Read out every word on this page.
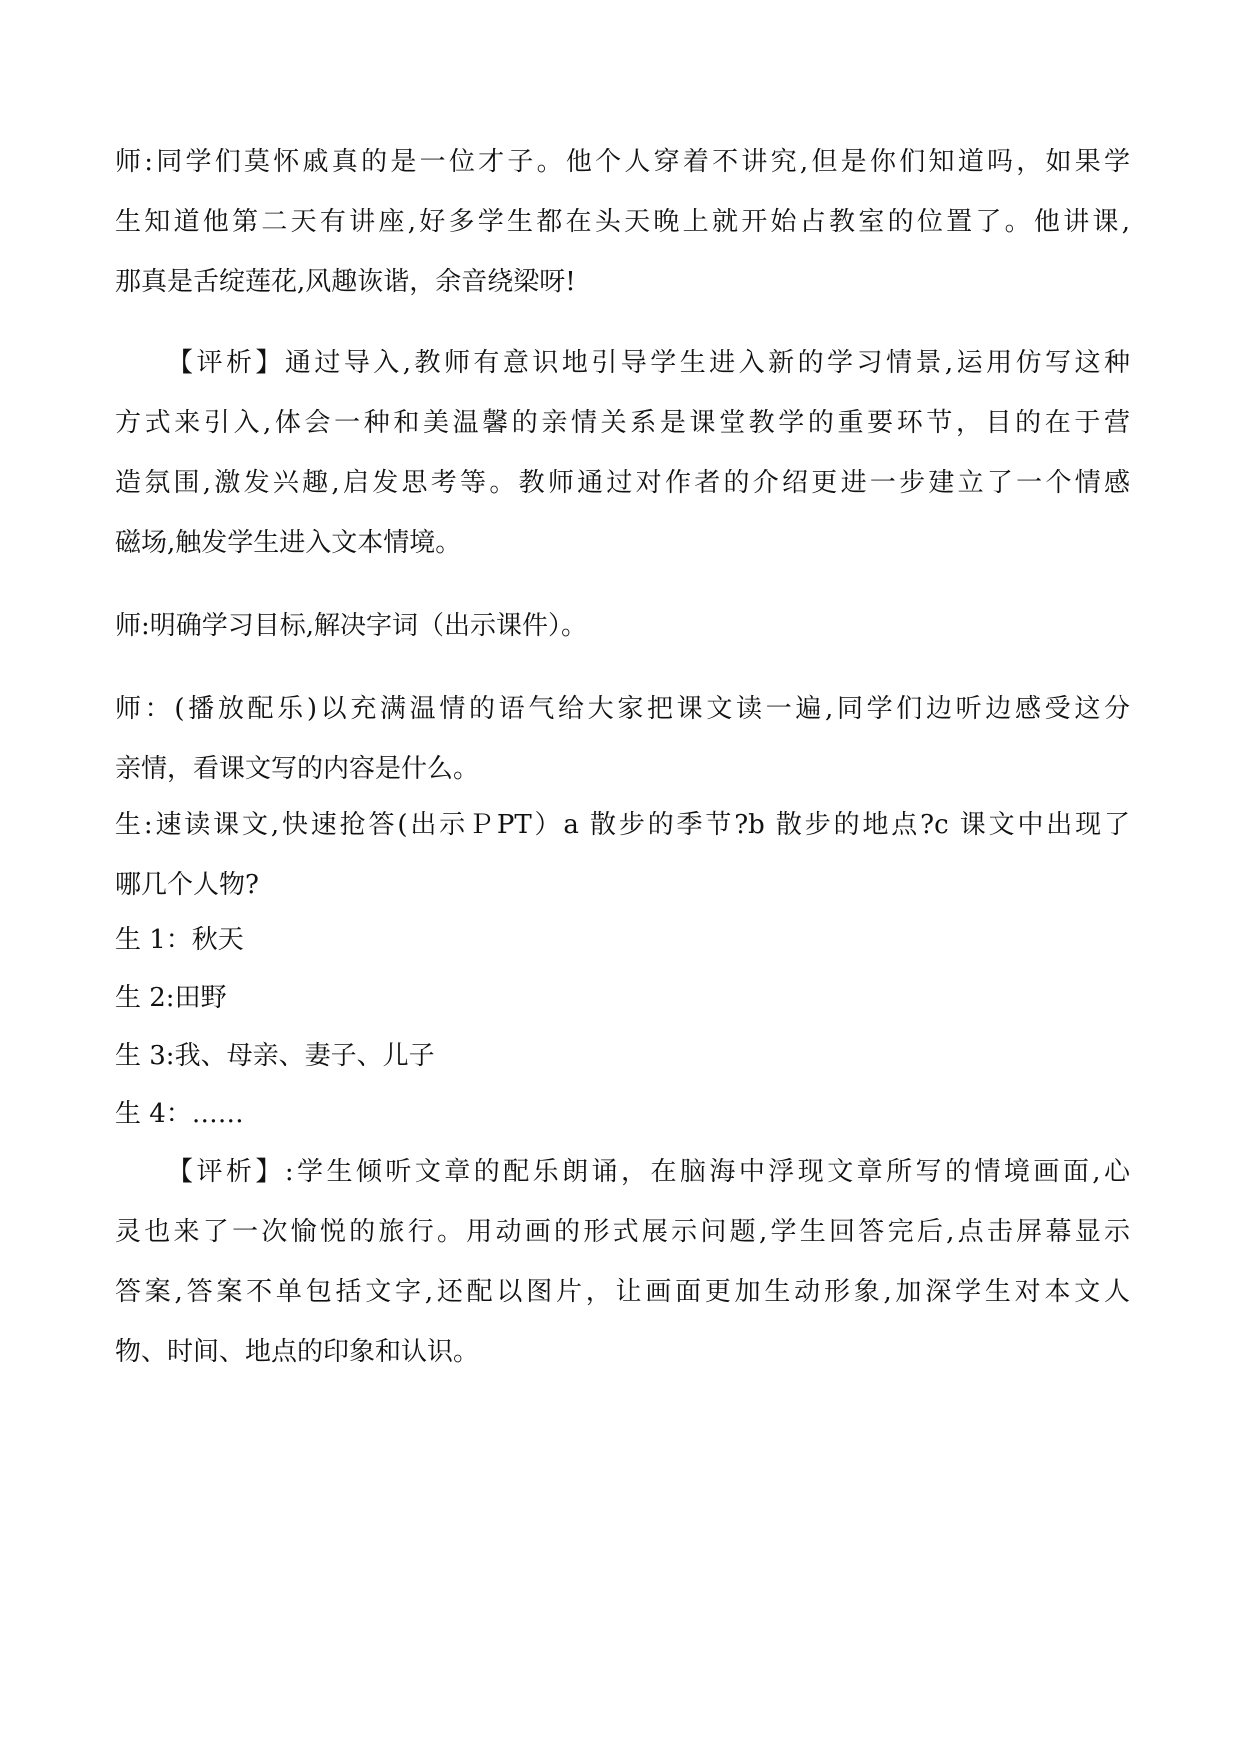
师:同学们莫怀戚真的是一位才子。他个人穿着不讲究,但是你们知道吗，如果学
生知道他第二天有讲座,好多学生都在头天晚上就开始占教室的位置了。他讲课,
那真是舌绽莲花,风趣诙谐，余音绕梁呀!

【评析】通过导入,教师有意识地引导学生进入新的学习情景,运用仿写这种
方式来引入,体会一种和美温馨的亲情关系是课堂教学的重要环节，目的在于营
造氛围,激发兴趣,启发思考等。教师通过对作者的介绍更进一步建立了一个情感
磁场,触发学生进入文本情境。

师:明确学习目标,解决字词（出示课件）。

师：(播放配乐)以充满温情的语气给大家把课文读一遍,同学们边听边感受这分
亲情，看课文写的内容是什么。

生:速读课文,快速抢答(出示ＰPT）a 散步的季节?b 散步的地点?c 课文中出现了
哪几个人物?

生 1：秋天

生 2:田野

生 3:我、母亲、妻子、儿子

生 4：……

【评析】:学生倾听文章的配乐朗诵，在脑海中浮现文章所写的情境画面,心
灵也来了一次愉悦的旅行。用动画的形式展示问题,学生回答完后,点击屏幕显示
答案,答案不单包括文字,还配以图片，让画面更加生动形象,加深学生对本文人
物、时间、地点的印象和认识。
